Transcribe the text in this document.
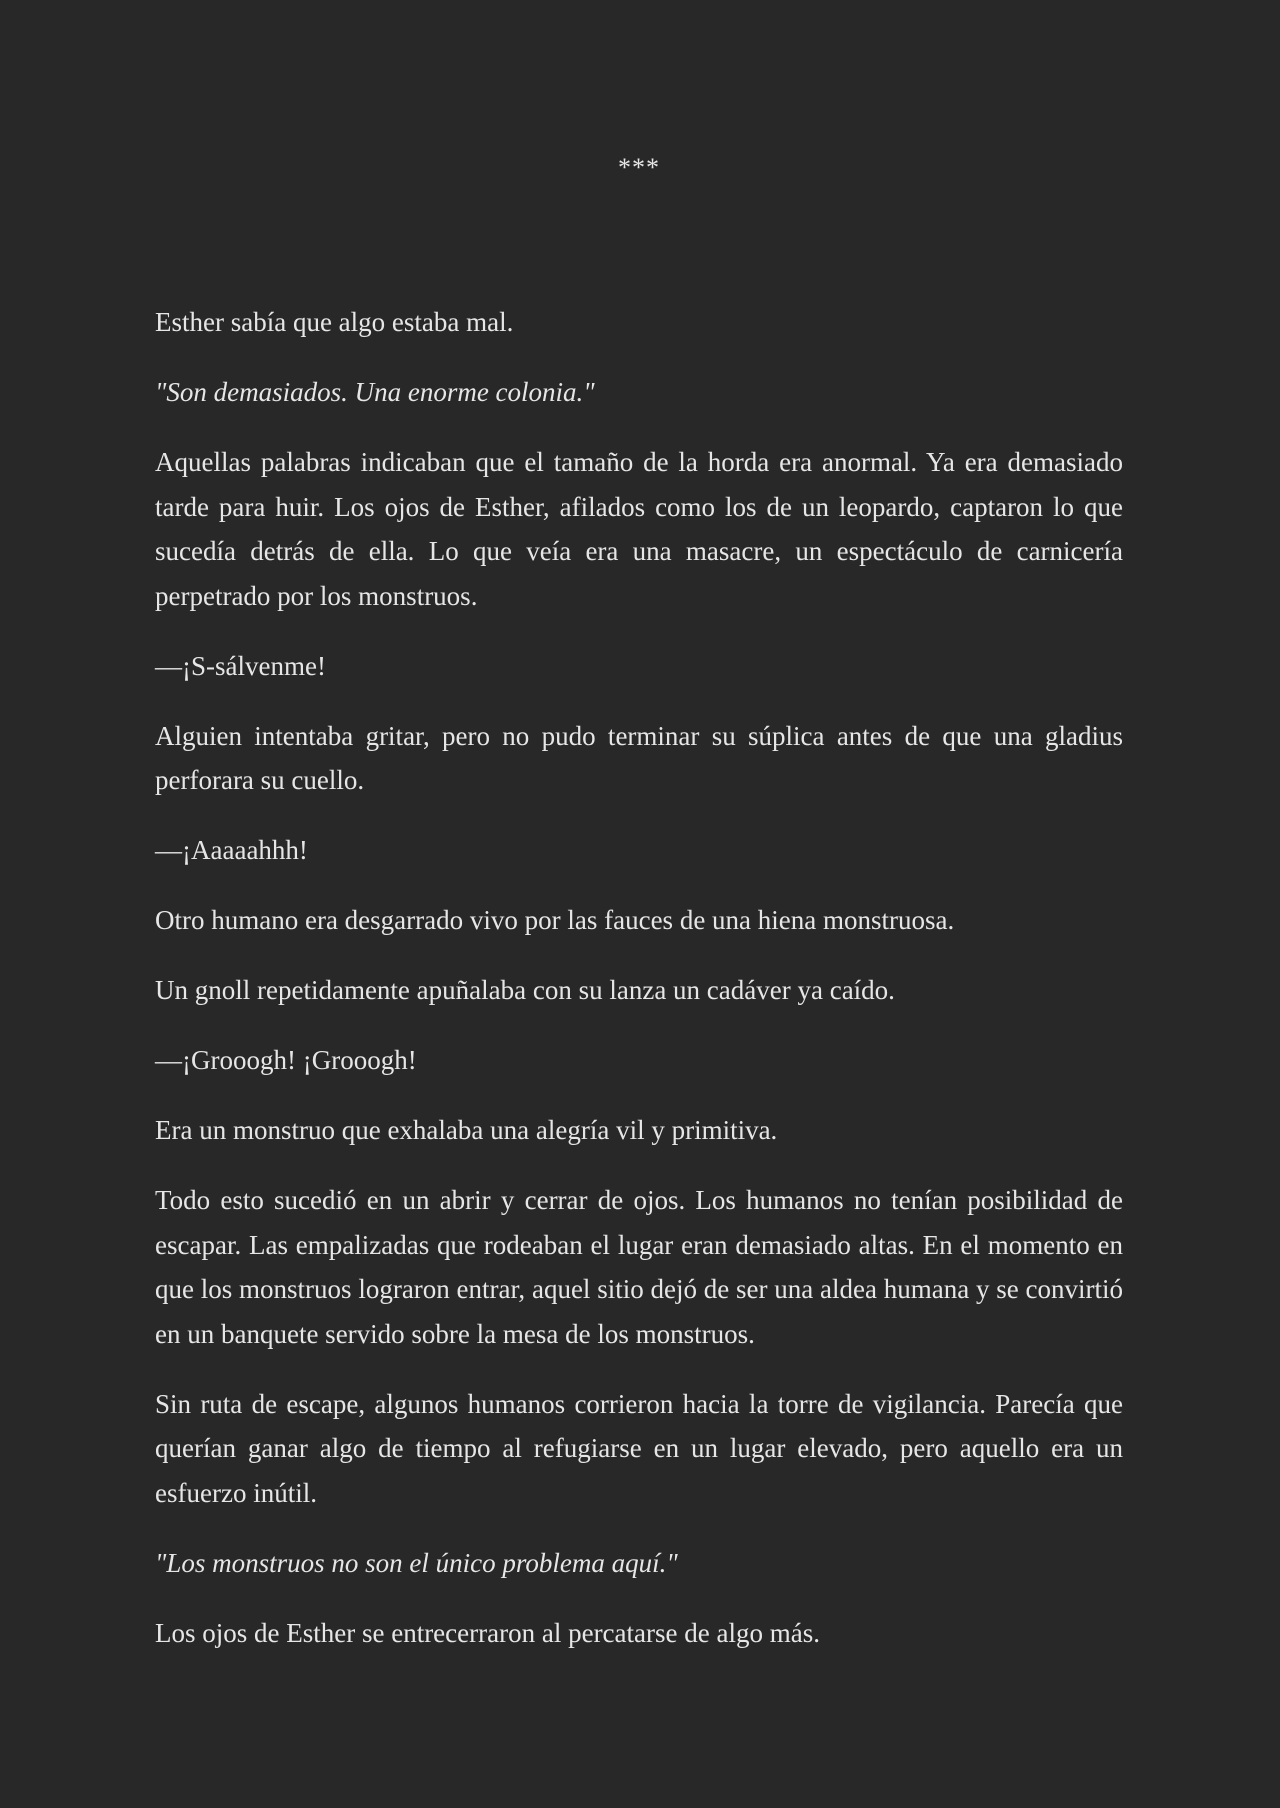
***

Esther sabía que algo estaba mal.

"Son demasiados. Una enorme colonia."

Aquellas palabras indicaban que el tamaño de la horda era anormal. Ya era demasiado tarde para huir. Los ojos de Esther, afilados como los de un leopardo, captaron lo que sucedía detrás de ella. Lo que veía era una masacre, un espectáculo de carnicería perpetrado por los monstruos.

—¡S-sálvenme!

Alguien intentaba gritar, pero no pudo terminar su súplica antes de que una gladius perforara su cuello.

—¡Aaaaahhh!

Otro humano era desgarrado vivo por las fauces de una hiena monstruosa.

Un gnoll repetidamente apuñalaba con su lanza un cadáver ya caído.

—¡Grooogh! ¡Grooogh!

Era un monstruo que exhalaba una alegría vil y primitiva.

Todo esto sucedió en un abrir y cerrar de ojos. Los humanos no tenían posibilidad de escapar. Las empalizadas que rodeaban el lugar eran demasiado altas. En el momento en que los monstruos lograron entrar, aquel sitio dejó de ser una aldea humana y se convirtió en un banquete servido sobre la mesa de los monstruos.

Sin ruta de escape, algunos humanos corrieron hacia la torre de vigilancia. Parecía que querían ganar algo de tiempo al refugiarse en un lugar elevado, pero aquello era un esfuerzo inútil.

"Los monstruos no son el único problema aquí."

Los ojos de Esther se entrecerraron al percatarse de algo más.
